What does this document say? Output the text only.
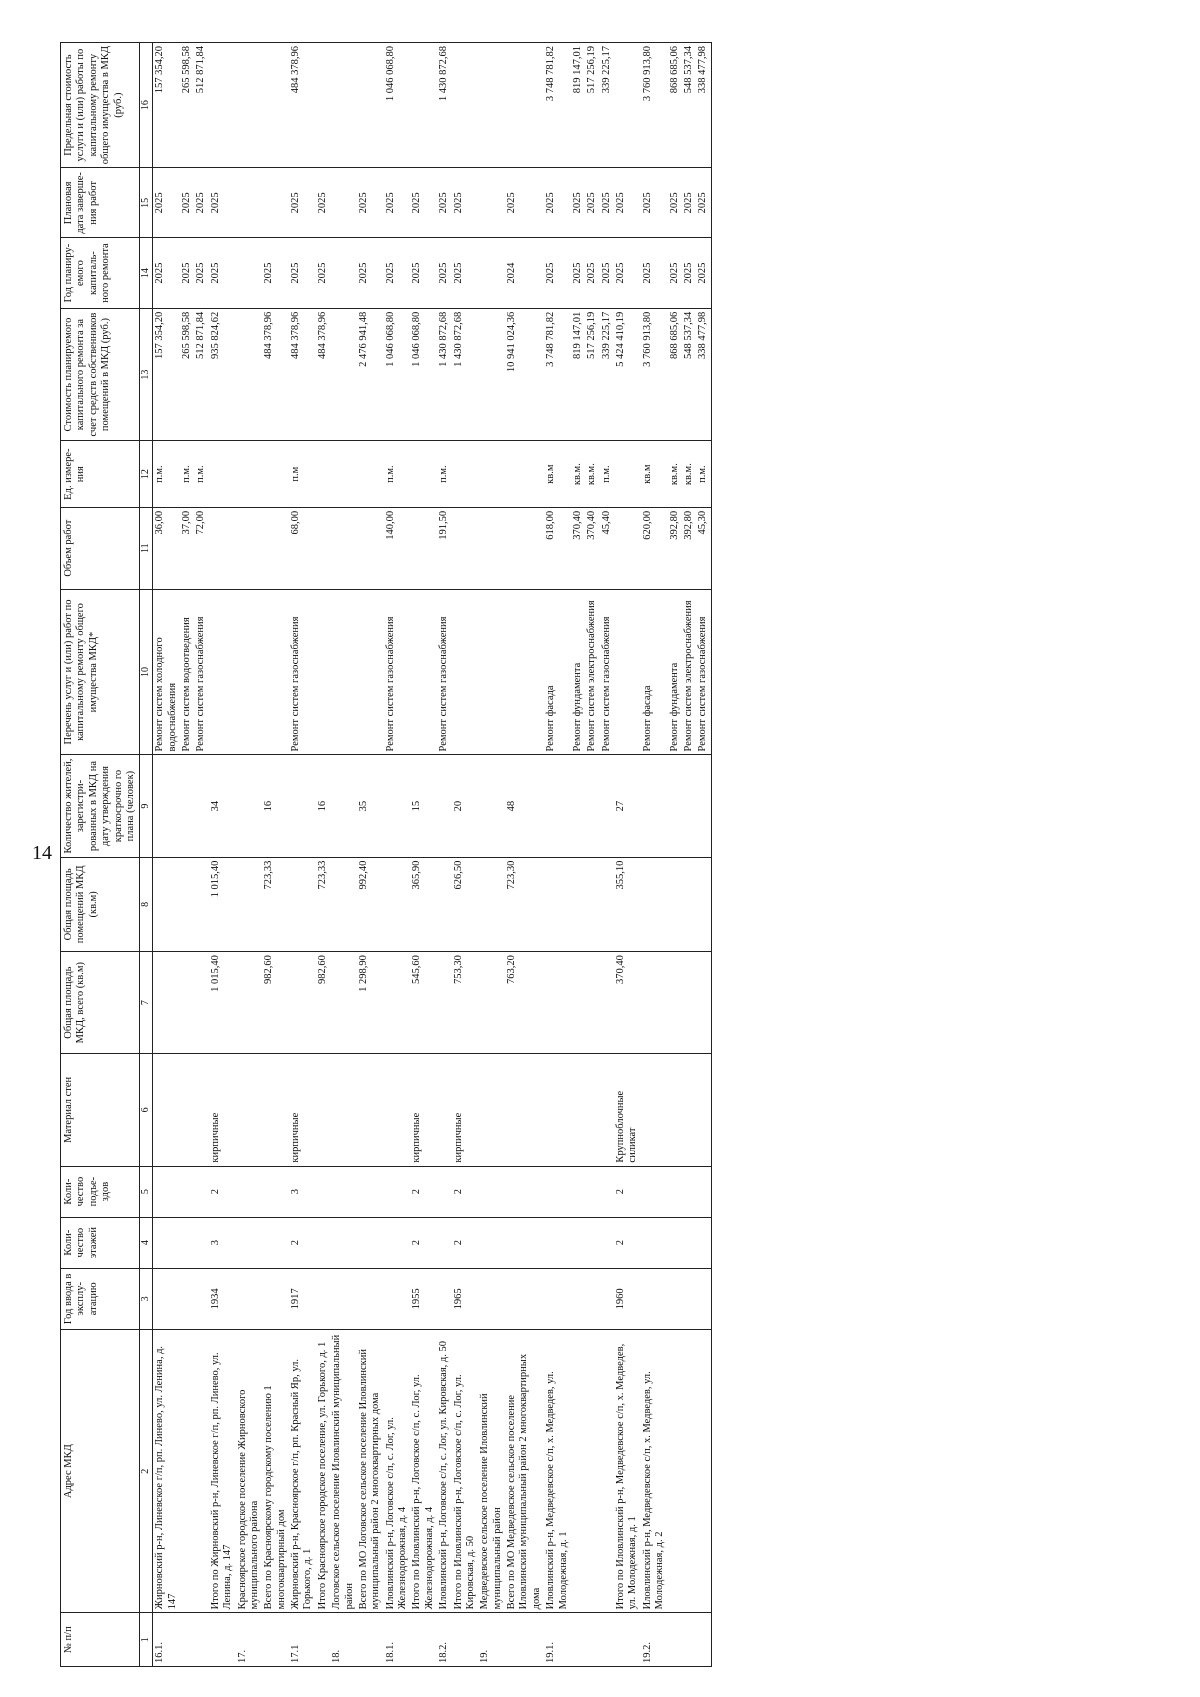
14
№ п/п	Адрес МКД	Год ввода в эксплу-атацию	Коли-чество этажей	Коли-чество подъе-здов	Материал стен	Общая площадь МКД, всего (кв.м)	Общая площадь помещений МКД (кв.м)	Количество жителей, зарегистри-рованных в МКД на дату утверждения краткосрочно го плана (человек)	Перечень услуг и (или) работ по капитальному ремонту общего имущества МКД*	Объем работ	Ед. измере-ния	Стоимость планируемого капитального ремонта за счет средств собственников помещений в МКД (руб.)	Год планиру-емого капиталь-ного ремонта	Плановая дата заверше-ния работ	Предельная стоимость услуги и (или) работы по капитальному ремонту общего имущества в МКД (руб.)
1	2	3	4	5	6	7	8	9	10	11	12	13	14	15	16
16.1.	Жирновский р-н, Линевское г/п, рп. Линево, ул. Ленина, д. 147								Ремонт систем холодного водоснабжения	36,00	п.м.	157 354,20	2025	2025	157 354,20
									Ремонт систем водоотведения	37,00	п.м.	265 598,58	2025	2025	265 598,58
									Ремонт систем газоснабжения	72,00	п.м.	512 871,84	2025	2025	512 871,84
	Итого по Жирновский р-н, Линевское г/п, рп. Линево, ул. Ленина, д. 147	1934	3	2	кирпичные	1 015,40	1 015,40	34				935 824,62	2025	2025	
17.	Красноярское городское поселение Жирновского муниципального района														
	Всего по Красноярскому городскому поселению 1 многоквартирный дом					982,60	723,33	16				484 378,96	2025		
17.1	Жирновский р-н, Красноярское г/п, рп. Красный Яр, ул. Горького, д. 1	1917	2	3	кирпичные				Ремонт систем газоснабжения	68,00	п.м	484 378,96	2025	2025	484 378,96
	Итого Красноярское городское поселение, ул. Горького, д. 1					982,60	723,33	16				484 378,96	2025	2025	
18.	Логовское сельское поселение Иловлинский муниципальный район														
	Всего по МО Логовское сельское поселение Иловлинский муниципальный район 2 многоквартирных дома					1 298,90	992,40	35				2 476 941,48	2025	2025	
18.1.	Иловлинский р-н, Логовское с/п, с. Лог, ул. Железнодорожная, д. 4								Ремонт систем газоснабжения	140,00	п.м.	1 046 068,80	2025	2025	1 046 068,80
	Итого по Иловлинский р-н, Логовское с/п, с. Лог, ул. Железнодорожная, д. 4	1955	2	2	кирпичные	545,60	365,90	15				1 046 068,80	2025	2025	
18.2.	Иловлинский р-н, Логовское с/п, с. Лог, ул. Кировская, д. 50								Ремонт систем газоснабжения	191,50	п.м.	1 430 872,68	2025	2025	1 430 872,68
	Итого по Иловлинский р-н, Логовское с/п, с. Лог, ул. Кировская, д. 50	1965	2	2	кирпичные	753,30	626,50	20				1 430 872,68	2025	2025	
19.	Медведевское сельское поселение Иловлинский муниципальный район														
	Всего по МО Медведевское сельское поселение Иловлинский муниципальный район 2 многоквартирных дома					763,20	723,30	48				10 941 024,36	2024	2025	
19.1.	Иловлинский р-н, Медведевское с/п, х. Медведев, ул. Молодежная, д. 1								Ремонт фасада	618,00	кв.м	3 748 781,82	2025	2025	3 748 781,82
									Ремонт фундамента	370,40	кв.м.	819 147,01	2025	2025	819 147,01
									Ремонт систем электроснабжения	370,40	кв.м.	517 256,19	2025	2025	517 256,19
									Ремонт систем газоснабжения	45,40	п.м.	339 225,17	2025	2025	339 225,17
	Итого по Иловлинский р-н, Медведевское с/п, х. Медведев, ул. Молодежная, д. 1	1960	2	2	Крупноблочные силикат	370,40	355,10	27				5 424 410,19	2025	2025	
19.2.	Иловлинский р-н, Медведевское с/п, х. Медведев, ул. Молодежная, д. 2								Ремонт фасада	620,00	кв.м	3 760 913,80	2025	2025	3 760 913,80
									Ремонт фундамента	392,80	кв.м.	868 685,06	2025	2025	868 685,06
									Ремонт систем электроснабжения	392,80	кв.м.	548 537,34	2025	2025	548 537,34
									Ремонт систем газоснабжения	45,30	п.м.	338 477,98	2025	2025	338 477,98
